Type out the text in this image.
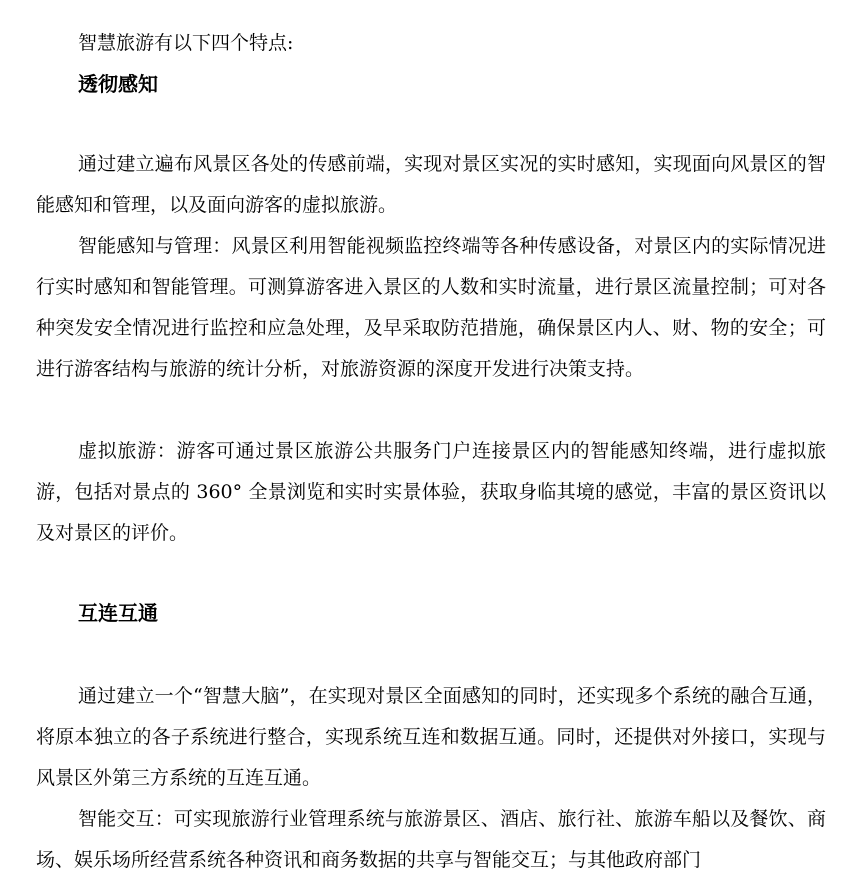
智慧旅游有以下四个特点:
透彻感知

通过建立遍布风景区各处的传感前端，实现对景区实况的实时感知，实现面向风景区的智能感知和管理，以及面向游客的虚拟旅游。

智能感知与管理：风景区利用智能视频监控终端等各种传感设备，对景区内的实际情况进行实时感知和智能管理。可测算游客进入景区的人数和实时流量，进行景区流量控制；可对各种突发安全情况进行监控和应急处理，及早采取防范措施，确保景区内人、财、物的安全；可进行游客结构与旅游的统计分析，对旅游资源的深度开发进行决策支持。

虚拟旅游：游客可通过景区旅游公共服务门户连接景区内的智能感知终端，进行虚拟旅游，包括对景点的 360° 全景浏览和实时实景体验，获取身临其境的感觉，丰富的景区资讯以及对景区的评价。

互连互通

通过建立一个“智慧大脑”，在实现对景区全面感知的同时，还实现多个系统的融合互通，将原本独立的各子系统进行整合，实现系统互连和数据互通。同时，还提供对外接口，实现与风景区外第三方系统的互连互通。

智能交互：可实现旅游行业管理系统与旅游景区、酒店、旅行社、旅游车船以及餐饮、商场、娱乐场所经营系统各种资讯和商务数据的共享与智能交互；与其他政府部门
